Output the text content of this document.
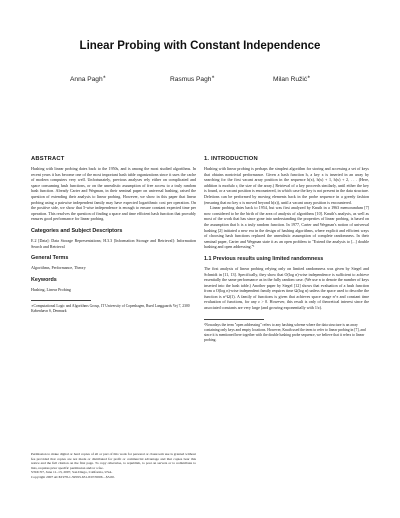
Linear Probing with Constant Independence
Anna Pagh∗	Rasmus Pagh∗	Milan Ružić∗
ABSTRACT

Hashing with linear probing dates back to the 1950s, and is among the most studied algorithms. In recent years it has become one of the most important hash table organizations since it uses the cache of modern computers very well. Unfortunately, previous analyses rely either on complicated and space consuming hash functions, or on the unrealistic assumption of free access to a truly random hash function. Already Carter and Wegman, in their seminal paper on universal hashing, raised the question of extending their analysis to linear probing. However, we show in this paper that linear probing using a pairwise independent family may have expected logarithmic cost per operation. On the positive side, we show that 5-wise independence is enough to ensure constant expected time per operation. This resolves the question of finding a space and time efficient hash function that provably ensures good performance for linear probing.

Categories and Subject Descriptors

E.2 [Data]: Data Storage Representations; H.3.3 [Information Storage and Retrieval]: Information Search and Retrieval

General Terms

Algorithms, Performance, Theory

Keywords

Hashing, Linear Probing

∗Computational Logic and Algorithms Group, IT University of Copenhagen, Rued Langgaards Vej 7, 2300 København S, Denmark

Permission to make digital or hard copies of all or part of this work for personal or classroom use is granted without fee provided that copies are not made or distributed for profit or commercial advantage and that copies bear this notice and the full citation on the first page. To copy otherwise, to republish, to post on servers or to redistribute to lists, requires prior specific permission and/or a fee.
STOC'07, June 11–13, 2007, San Diego, California, USA.
Copyright 2007 ACM 978-1-59593-631-8/07/0006 ...$5.00.
1. INTRODUCTION

Hashing with linear probing is perhaps the simplest algorithm for storing and accessing a set of keys that obtains nontrivial performance. Given a hash function h, a key x is inserted in an array by searching for the first vacant array position in the sequence h(x), h(x) + 1, h(x) + 2, . . . (Here, addition is modulo r, the size of the array.) Retrieval of a key proceeds similarly, until either the key is found, or a vacant position is encountered, in which case the key is not present in the data structure. Deletions can be performed by moving elements back in the probe sequence in a greedy fashion (ensuring that no key x is moved beyond h(x)), until a vacant array position is encountered.

Linear probing dates back to 1954, but was first analyzed by Knuth in a 1963 memorandum [7] now considered to be the birth of the area of analysis of algorithms [10]. Knuth's analysis, as well as most of the work that has since gone into understanding the properties of linear probing, is based on the assumption that h is a truly random function. In 1977, Carter and Wegman's notion of universal hashing [2] initiated a new era in the design of hashing algorithms, where explicit and efficient ways of choosing hash functions replaced the unrealistic assumption of complete randomness. In their seminal paper, Carter and Wegman state it as an open problem to "Extend the analysis to [...] double hashing and open addressing."¹

1.1 Previous results using limited randomness

The first analysis of linear probing relying only on limited randomness was given by Siegel and Schmidt in [11, 13]. Specifically, they show that O(log n)-wise independence is sufficient to achieve essentially the same performance as in the fully random case. (We use n to denote the number of keys inserted into the hash table.) Another paper by Siegel [12] shows that evaluation of a hash function from a O(log n)-wise independent family requires time Ω(log n) unless the space used to describe the function is n^Ω(1). A family of functions is given that achieves space usage n^ε and constant time evaluation of functions, for any ε > 0. However, this result is only of theoretical interest since the associated constants are very large (and growing exponentially with 1/ε).

¹Nowadays the term "open addressing" refers to any hashing scheme where the data structure is an array containing only keys and empty locations. However, Knuth used the term to refer to linear probing in [7], and since it is mentioned here together with the double hashing probe sequence, we believe that it refers to linear probing.
